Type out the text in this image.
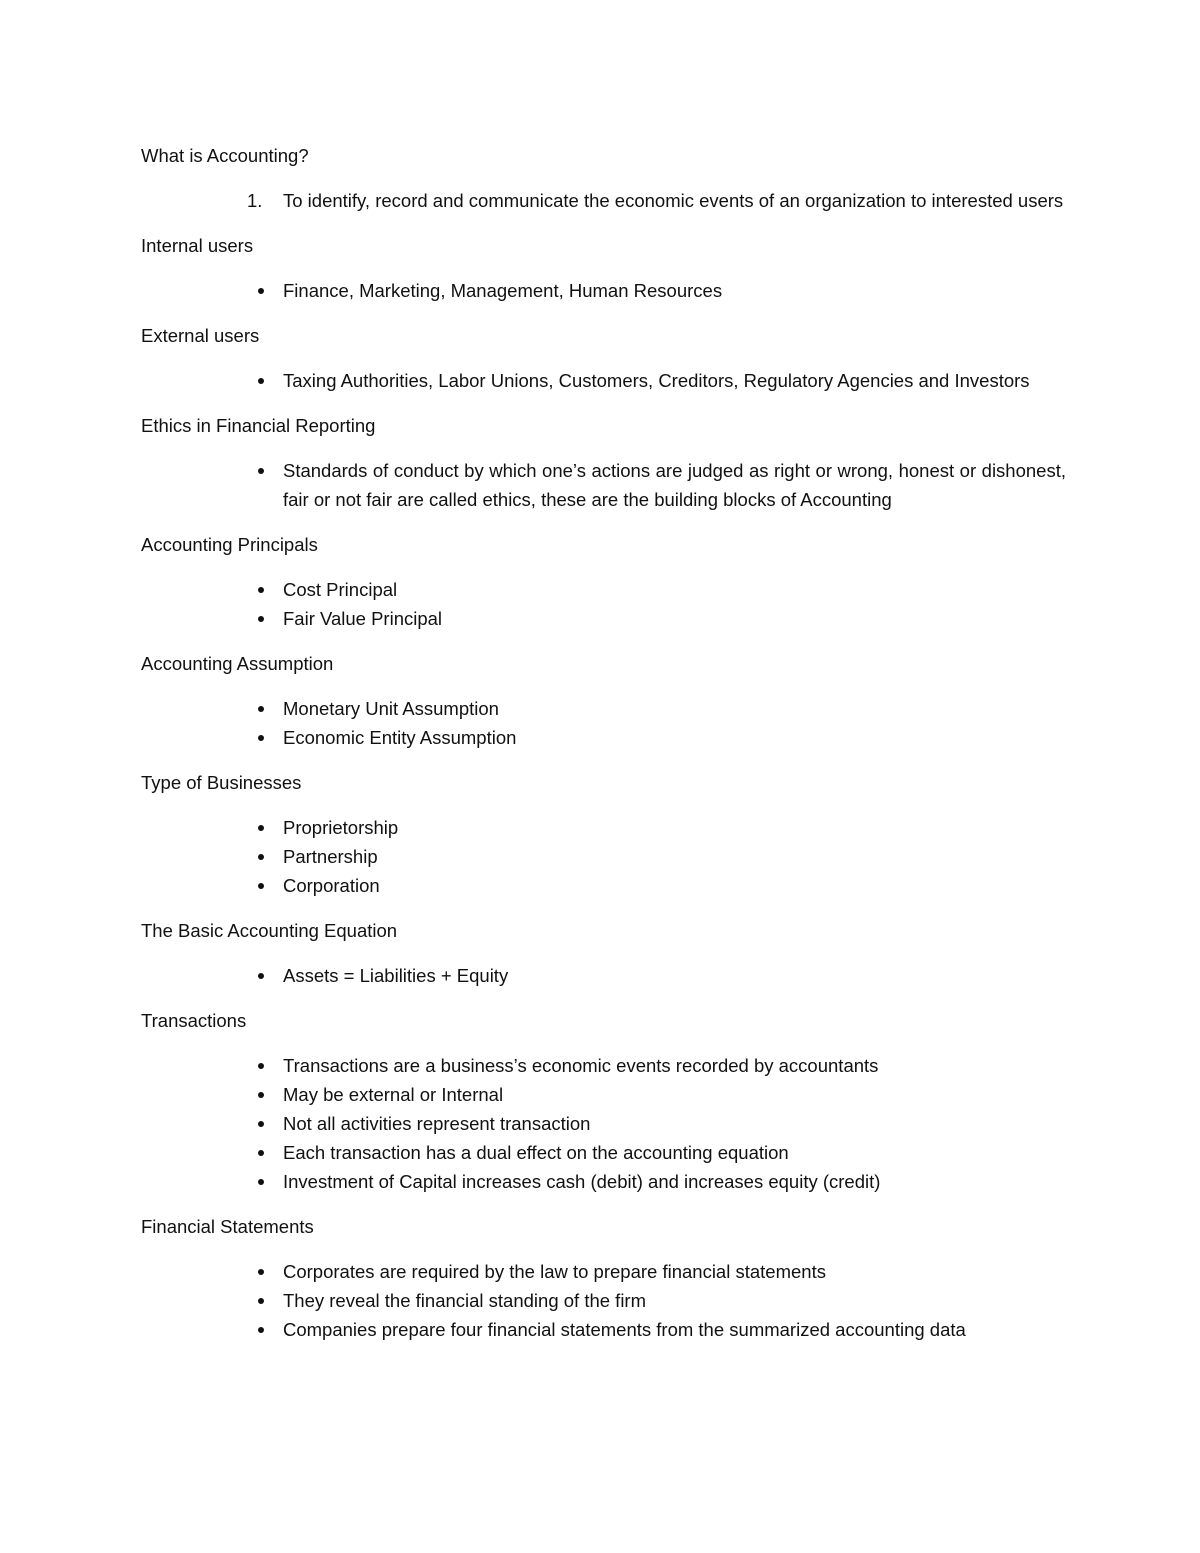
What is Accounting?
1. To identify, record and communicate the economic events of an organization to interested users
Internal users
Finance, Marketing, Management, Human Resources
External users
Taxing Authorities, Labor Unions, Customers, Creditors, Regulatory Agencies and Investors
Ethics in Financial Reporting
Standards of conduct by which one’s actions are judged as right or wrong, honest or dishonest, fair or not fair are called ethics, these are the building blocks of Accounting
Accounting Principals
Cost Principal
Fair Value Principal
Accounting Assumption
Monetary Unit Assumption
Economic Entity Assumption
Type of Businesses
Proprietorship
Partnership
Corporation
The Basic Accounting Equation
Assets = Liabilities + Equity
Transactions
Transactions are a business’s economic events recorded by accountants
May be external or Internal
Not all activities represent transaction
Each transaction has a dual effect on the accounting equation
Investment of Capital increases cash (debit) and increases equity (credit)
Financial Statements
Corporates are required by the law to prepare financial statements
They reveal the financial standing of the firm
Companies prepare four financial statements from the summarized accounting data
